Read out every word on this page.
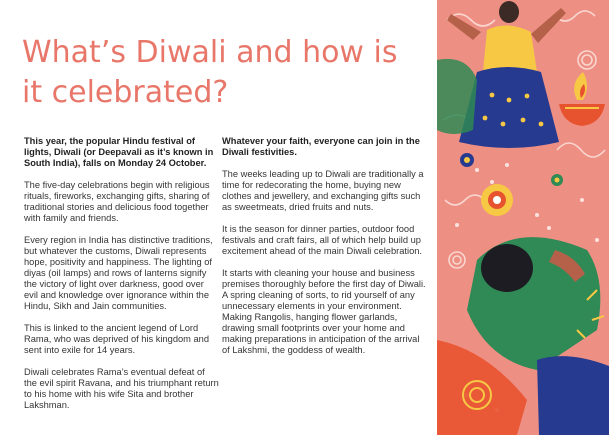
What’s Diwali and how is it celebrated?

This year, the popular Hindu festival of lights, Diwali (or Deepavali as it’s known in South India), falls on Monday 24 October.

The five-day celebrations begin with religious rituals, fireworks, exchanging gifts, sharing of traditional stories and delicious food together with family and friends.

Every region in India has distinctive traditions, but whatever the customs, Diwali represents hope, positivity and happiness. The lighting of diyas (oil lamps) and rows of lanterns signify the victory of light over darkness, good over evil and knowledge over ignorance within the Hindu, Sikh and Jain communities.

This is linked to the ancient legend of Lord Rama, who was deprived of his kingdom and sent into exile for 14 years.

Diwali celebrates Rama’s eventual defeat of the evil spirit Ravana, and his triumphant return to his home with his wife Sita and brother Lakshman.

Whatever your faith, everyone can join in the Diwali festivities.

The weeks leading up to Diwali are traditionally a time for redecorating the home, buying new clothes and jewellery, and exchanging gifts such as sweetmeats, dried fruits and nuts.

It is the season for dinner parties, outdoor food festivals and craft fairs, all of which help build up excitement ahead of the main Diwali celebration.

It starts with cleaning your house and business premises thoroughly before the first day of Diwali. A spring cleaning of sorts, to rid yourself of any unnecessary elements in your environment. Making Rangolis, hanging flower garlands, drawing small footprints over your home and making preparations in anticipation of the arrival of Lakshmi, the goddess of wealth.
